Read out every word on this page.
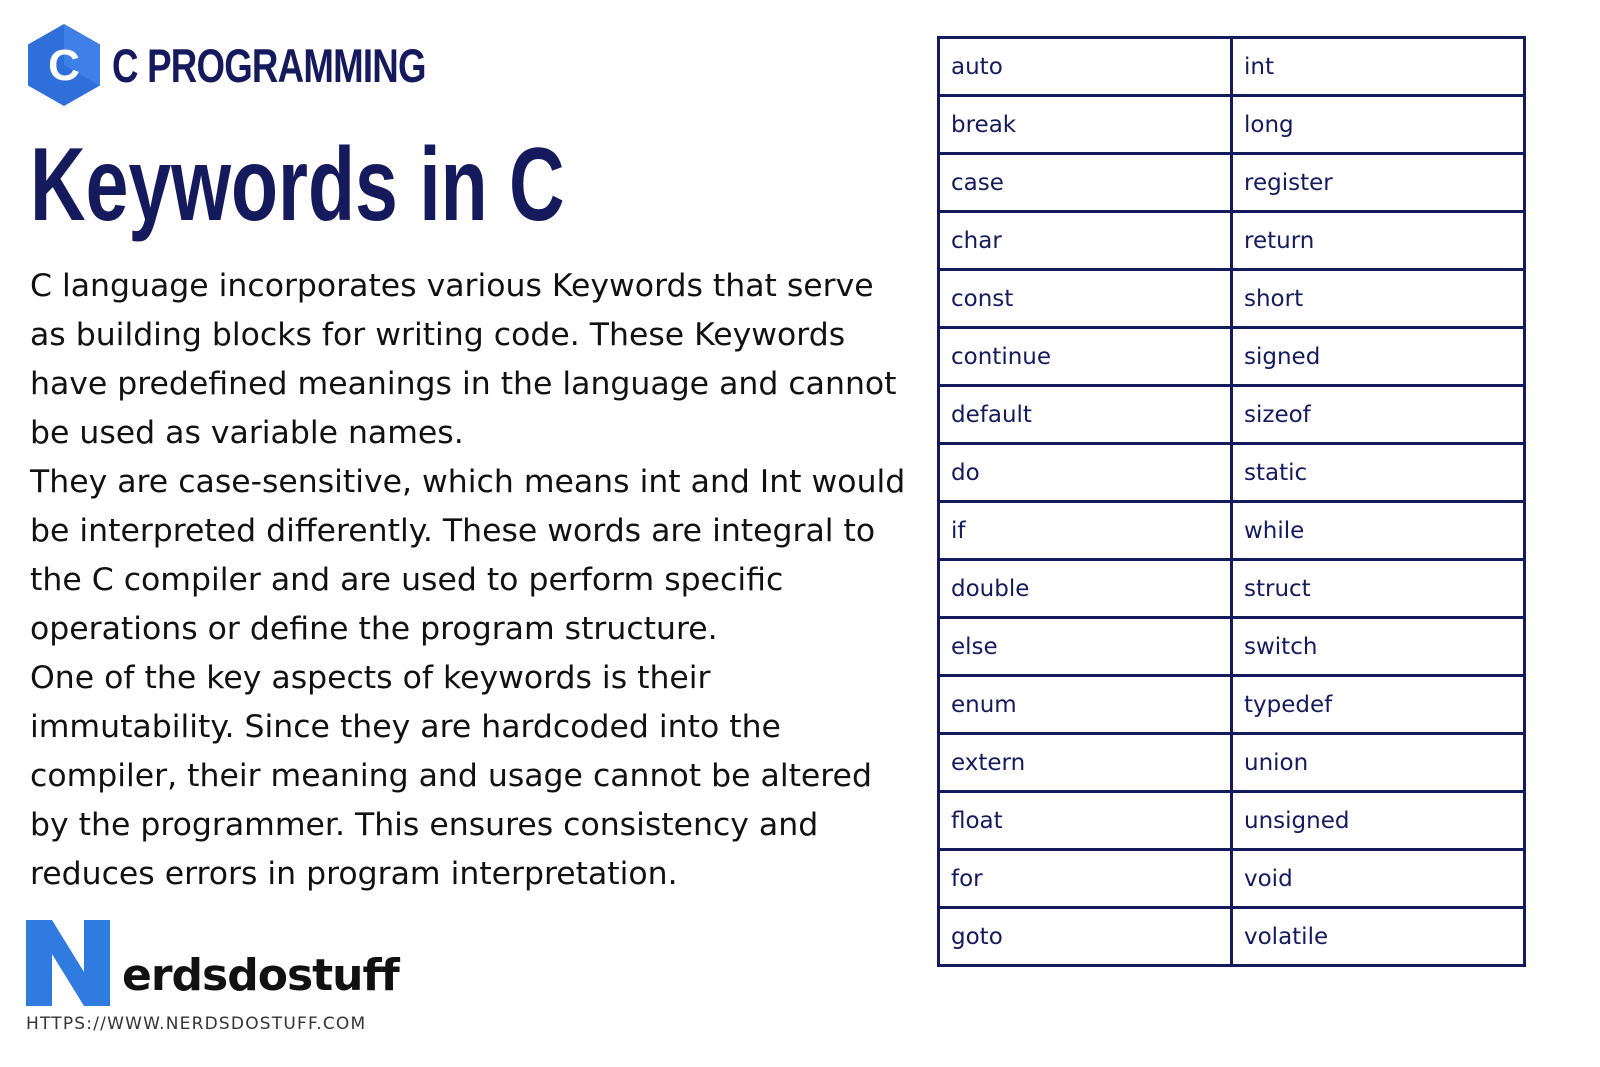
C C PROGRAMMING
Keywords in C

C language incorporates various Keywords that serve as building blocks for writing code. These Keywords have predefined meanings in the language and cannot be used as variable names.

They are case-sensitive, which means int and Int would be interpreted differently. These words are integral to the C compiler and are used to perform specific operations or define the program structure.

One of the key aspects of keywords is their immutability. Since they are hardcoded into the compiler, their meaning and usage cannot be altered by the programmer. This ensures consistency and reduces errors in program interpretation.

erdsdostuff
HTTPS://WWW.NERDSDOSTUFF.COM
auto	int
break	long
case	register
char	return
const	short
continue	signed
default	sizeof
do	static
if	while
double	struct
else	switch
enum	typedef
extern	union
float	unsigned
for	void
goto	volatile
